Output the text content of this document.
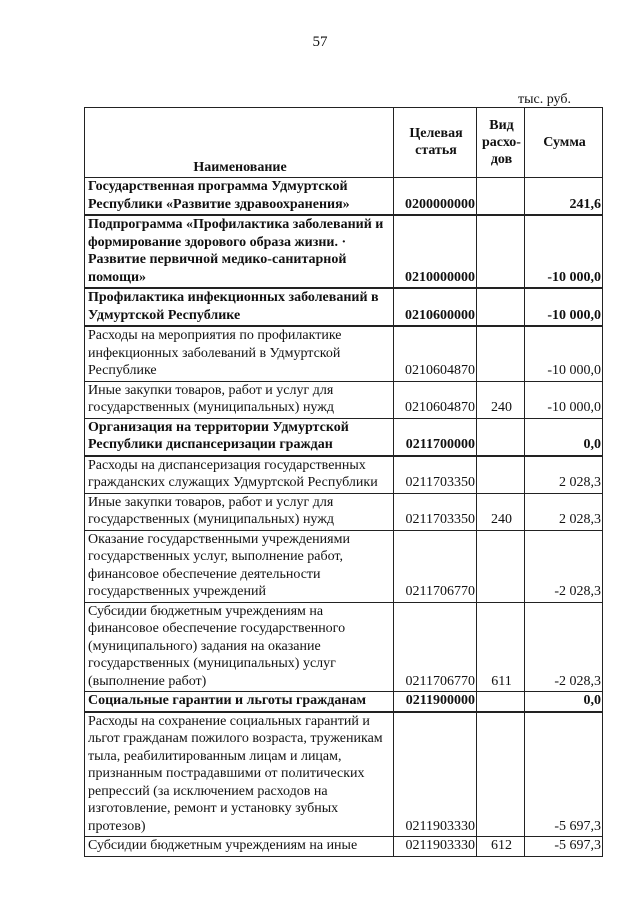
57
тыс. руб.
Наименование	Целевая статья	Вид расхо-дов	Сумма
Государственная программа Удмуртской Республики «Развитие здравоохранения»	0200000000		241,6
Подпрограмма «Профилактика заболеваний и формирование здорового образа жизни. · Развитие первичной медико-санитарной помощи»	0210000000		-10 000,0
Профилактика инфекционных заболеваний в Удмуртской Республике	0210600000		-10 000,0
Расходы на мероприятия по профилактике инфекционных заболеваний в Удмуртской Республике	0210604870		-10 000,0
Иные закупки товаров, работ и услуг для государственных (муниципальных) нужд	0210604870	240	-10 000,0
Организация на территории Удмуртской Республики диспансеризации граждан	0211700000		0,0
Расходы на диспансеризация государственных гражданских служащих Удмуртской Республики	0211703350		2 028,3
Иные закупки товаров, работ и услуг для государственных (муниципальных) нужд	0211703350	240	2 028,3
Оказание государственными учреждениями государственных услуг, выполнение работ, финансовое обеспечение деятельности государственных учреждений	0211706770		-2 028,3
Субсидии бюджетным учреждениям на финансовое обеспечение государственного (муниципального) задания на оказание государственных (муниципальных) услуг (выполнение работ)	0211706770	611	-2 028,3
Социальные гарантии и льготы гражданам	0211900000		0,0
Расходы на сохранение социальных гарантий и льгот гражданам пожилого возраста, труженикам тыла, реабилитированным лицам и лицам, признанным пострадавшими от политических репрессий (за исключением расходов на изготовление, ремонт и установку зубных протезов)	0211903330		-5 697,3
Субсидии бюджетным учреждениям на иные	0211903330	612	-5 697,3
